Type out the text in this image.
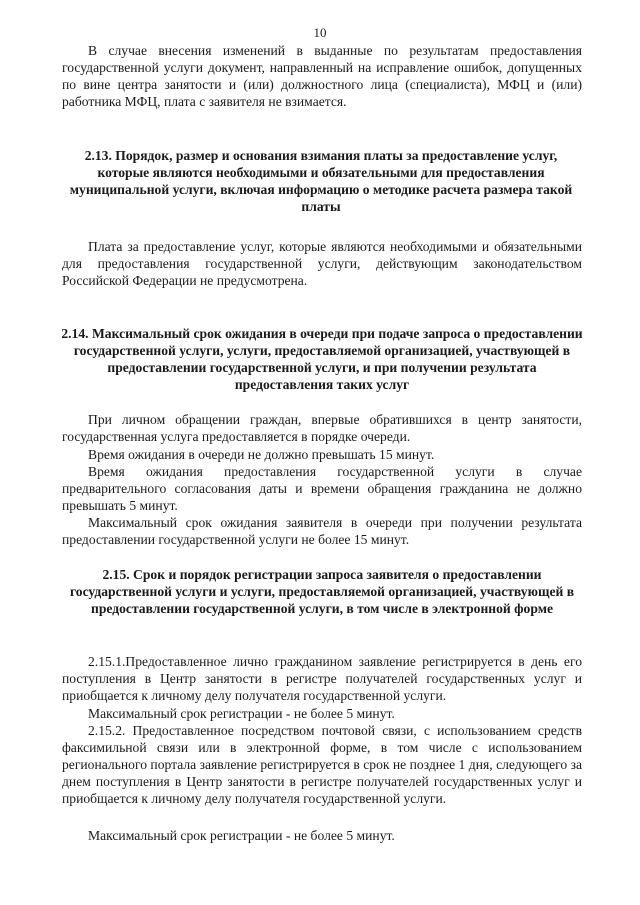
10
В случае внесения изменений в выданные по результатам предоставления государственной услуги документ, направленный на исправление ошибок, допущенных по вине центра занятости и (или) должностного лица (специалиста), МФЦ и (или) работника МФЦ, плата с заявителя не взимается.
2.13. Порядок, размер и основания взимания платы за предоставление услуг, которые являются необходимыми и обязательными для предоставления муниципальной услуги, включая информацию о методике расчета размера такой платы
Плата за предоставление услуг, которые являются необходимыми и обязательными для предоставления государственной услуги, действующим законодательством Российской Федерации не предусмотрена.
2.14. Максимальный срок ожидания в очереди при подаче запроса о предоставлении государственной услуги, услуги, предоставляемой организацией, участвующей в предоставлении государственной услуги, и при получении результата предоставления таких услуг
При личном обращении граждан, впервые обратившихся в центр занятости, государственная услуга предоставляется в порядке очереди.
Время ожидания в очереди не должно превышать 15 минут.
Время ожидания предоставления государственной услуги в случае предварительного согласования даты и времени обращения гражданина не должно превышать 5 минут.
Максимальный срок ожидания заявителя в очереди при получении результата предоставлении государственной услуги не более 15 минут.
2.15. Срок и порядок регистрации запроса заявителя о предоставлении государственной услуги и услуги, предоставляемой организацией, участвующей в предоставлении государственной услуги, в том числе в электронной форме
2.15.1.Предоставленное лично гражданином заявление регистрируется в день его поступления в Центр занятости в регистре получателей государственных услуг и приобщается к личному делу получателя государственной услуги.
Максимальный срок регистрации - не более 5 минут.
2.15.2. Предоставленное посредством почтовой связи, с использованием средств факсимильной связи или в электронной форме, в том числе с использованием регионального портала заявление регистрируется в срок не позднее 1 дня, следующего за днем поступления в Центр занятости в регистре получателей государственных услуг и приобщается к личному делу получателя государственной услуги.
Максимальный срок регистрации - не более 5 минут.
